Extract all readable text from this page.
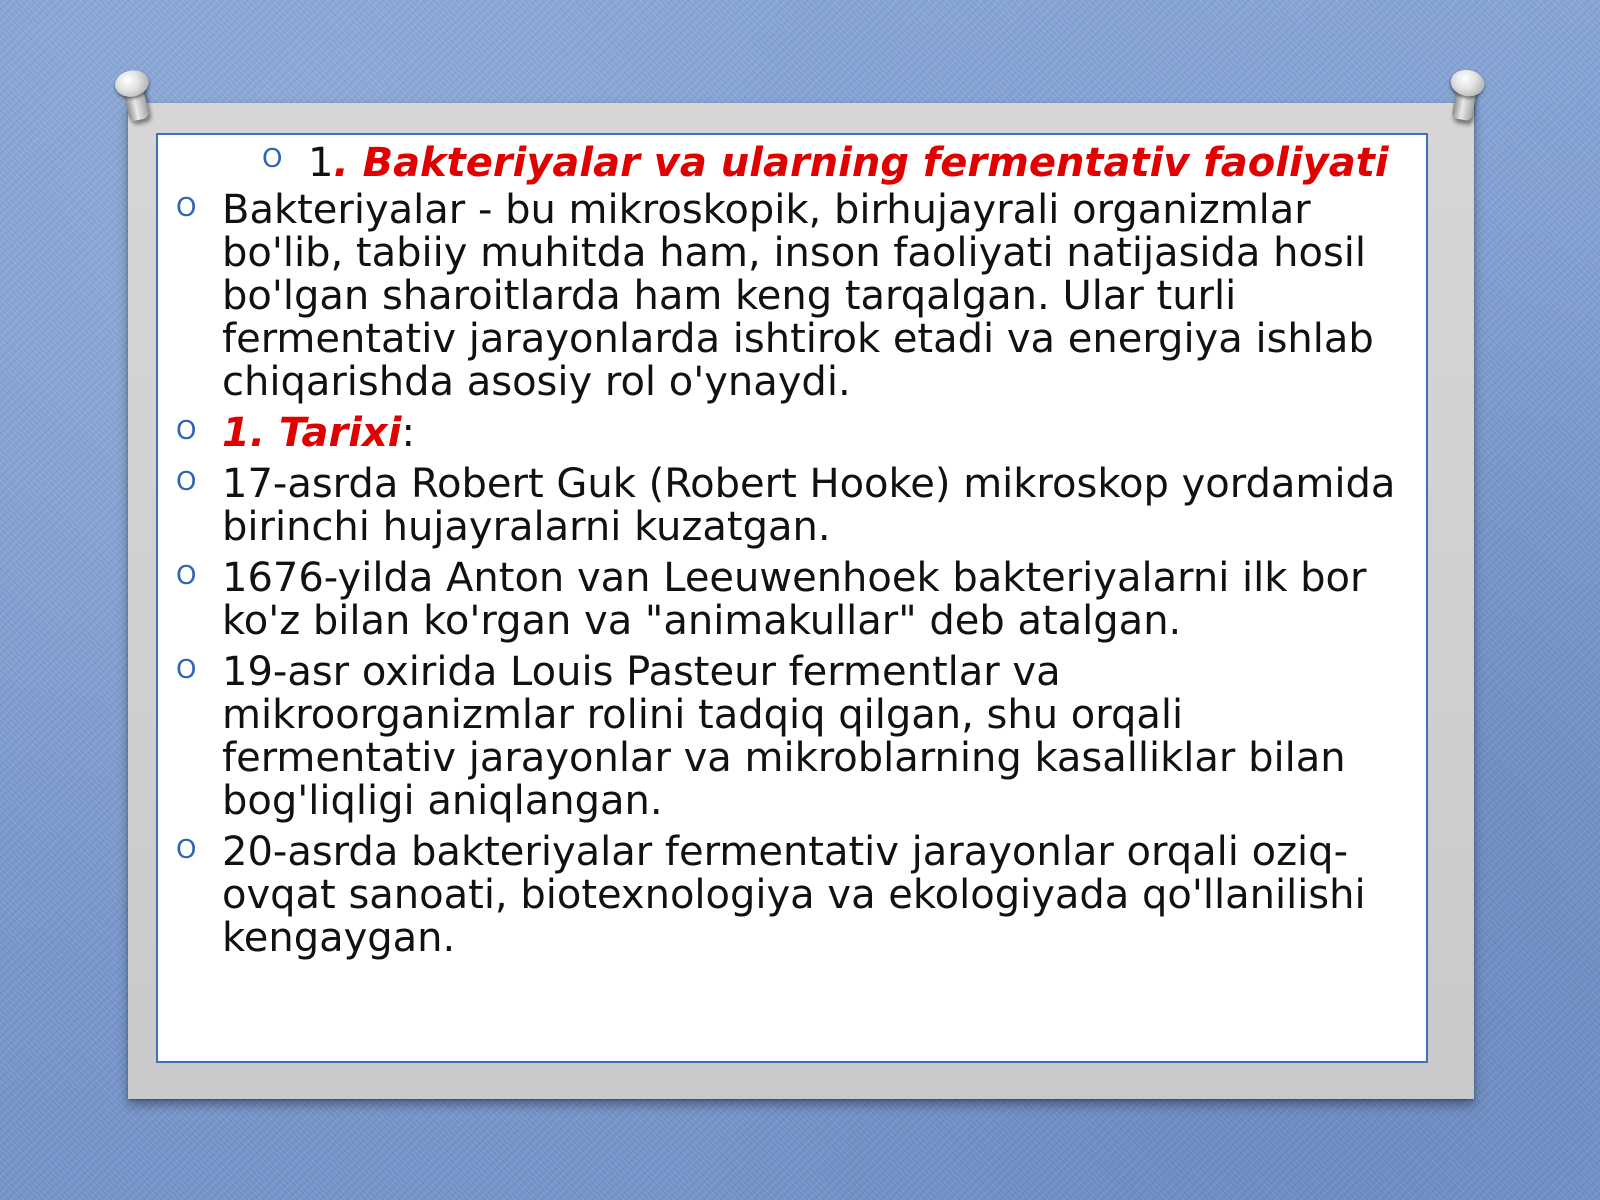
O 1. Bakteriyalar va ularning fermentativ faoliyati
O Bakteriyalar - bu mikroskopik, birhujayrali organizmlar bo'lib, tabiiy muhitda ham, inson faoliyati natijasida hosil bo'lgan sharoitlarda ham keng tarqalgan. Ular turli fermentativ jarayonlarda ishtirok etadi va energiya ishlab chiqarishda asosiy rol o'ynaydi.
O 1. Tarixi:
O 17-asrda Robert Guk (Robert Hooke) mikroskop yordamida birinchi hujayralarni kuzatgan.
O 1676-yilda Anton van Leeuwenhoek bakteriyalarni ilk bor ko'z bilan ko'rgan va "animakullar" deb atalgan.
O 19-asr oxirida Louis Pasteur fermentlar va mikroorganizmlar rolini tadqiq qilgan, shu orqali fermentativ jarayonlar va mikroblarning kasalliklar bilan bog'liqligi aniqlangan.
O 20-asrda bakteriyalar fermentativ jarayonlar orqali oziq-ovqat sanoati, biotexnologiya va ekologiyada qo'llanilishi kengaygan.
